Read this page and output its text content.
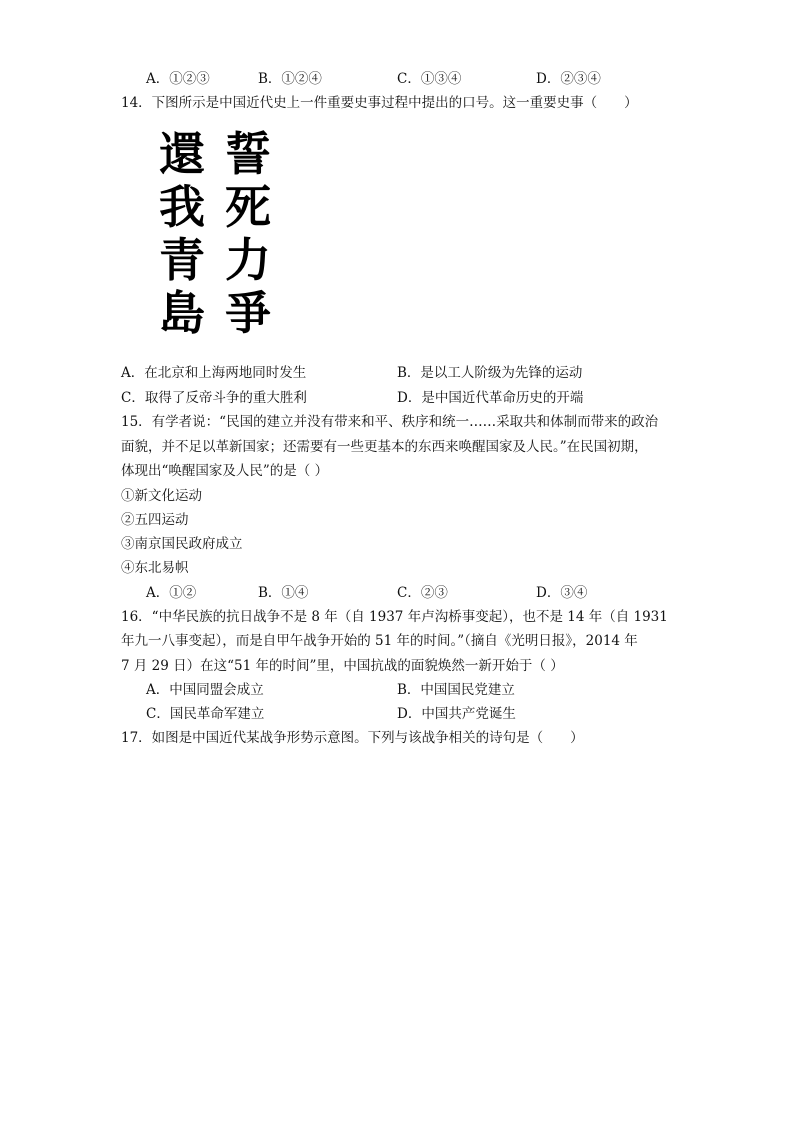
A．①②③	B．①②④	C．①③④	D．②③④
14．下图所示是中国近代史上一件重要史事过程中提出的口号。这一重要史事（　　）
還
我
青
島
誓
死
力
爭
A．在北京和上海两地同时发生	B．是以工人阶级为先锋的运动
C．取得了反帝斗争的重大胜利	D．是中国近代革命历史的开端
15．有学者说：“民国的建立并没有带来和平、秩序和统一……采取共和体制而带来的政治
面貌，并不足以革新国家；还需要有一些更基本的东西来唤醒国家及人民。”在民国初期，
体现出“唤醒国家及人民”的是（ ）
①新文化运动
②五四运动
③南京国民政府成立
④东北易帜
A．①②	B．①④	C．②③	D．③④
16．“中华民族的抗日战争不是 8 年（自 1937 年卢沟桥事变起），也不是 14 年（自 1931
年九一八事变起），而是自甲午战争开始的 51 年的时间。”（摘自《光明日报》，2014 年
7 月 29 日）在这“51 年的时间”里，中国抗战的面貌焕然一新开始于（ ）
A．中国同盟会成立	B．中国国民党建立
C．国民革命军建立	D．中国共产党诞生
17．如图是中国近代某战争形势示意图。下列与该战争相关的诗句是（　　）
